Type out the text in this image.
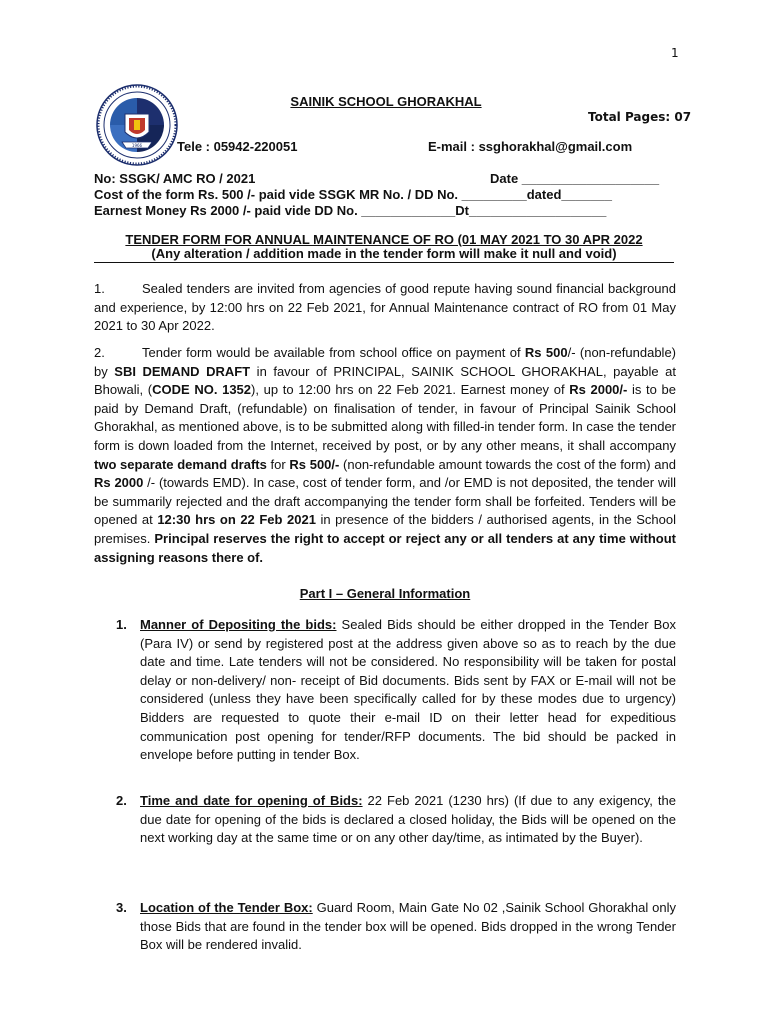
1
1966
SAINIK SCHOOL GHORAKHAL
Total Pages: 07
Tele : 05942-220051	E-mail : ssghorakhal@gmail.com
No: SSGK/ AMC RO / 2021	Date ___________________
Cost of the form Rs. 500 /- paid vide SSGK MR No. / DD No. _________dated_______
Earnest Money Rs 2000 /- paid vide DD No. _____________Dt___________________
TENDER FORM FOR ANNUAL MAINTENANCE OF RO (01 MAY 2021 TO 30 APR 2022
(Any alteration / addition made in the tender form will make it null and void)
1.	Sealed tenders are invited from agencies of good repute having sound financial background and experience, by 12:00 hrs on 22 Feb 2021, for Annual Maintenance contract of RO from 01 May 2021 to 30 Apr 2022.
2.	Tender form would be available from school office on payment of Rs 500/- (non-refundable) by SBI DEMAND DRAFT in favour of PRINCIPAL, SAINIK SCHOOL GHORAKHAL, payable at Bhowali, (CODE NO. 1352), up to 12:00 hrs on 22 Feb 2021. Earnest money of Rs 2000/- is to be paid by Demand Draft, (refundable) on finalisation of tender, in favour of Principal Sainik School Ghorakhal, as mentioned above, is to be submitted along with filled-in tender form. In case the tender form is down loaded from the Internet, received by post, or by any other means, it shall accompany two separate demand drafts for Rs 500/- (non-refundable amount towards the cost of the form) and Rs 2000 /- (towards EMD). In case, cost of tender form, and /or EMD is not deposited, the tender will be summarily rejected and the draft accompanying the tender form shall be forfeited. Tenders will be opened at 12:30 hrs on 22 Feb 2021 in presence of the bidders / authorised agents, in the School premises. Principal reserves the right to accept or reject any or all tenders at any time without assigning reasons there of.
Part I – General Information
1. Manner of Depositing the bids: Sealed Bids should be either dropped in the Tender Box (Para IV) or send by registered post at the address given above so as to reach by the due date and time. Late tenders will not be considered. No responsibility will be taken for postal delay or non-delivery/ non- receipt of Bid documents. Bids sent by FAX or E-mail will not be considered (unless they have been specifically called for by these modes due to urgency) Bidders are requested to quote their e-mail ID on their letter head for expeditious communication post opening for tender/RFP documents. The bid should be packed in envelope before putting in tender Box.
2. Time and date for opening of Bids: 22 Feb 2021 (1230 hrs) (If due to any exigency, the due date for opening of the bids is declared a closed holiday, the Bids will be opened on the next working day at the same time or on any other day/time, as intimated by the Buyer).
3. Location of the Tender Box: Guard Room, Main Gate No 02 ,Sainik School Ghorakhal only those Bids that are found in the tender box will be opened. Bids dropped in the wrong Tender Box will be rendered invalid.
